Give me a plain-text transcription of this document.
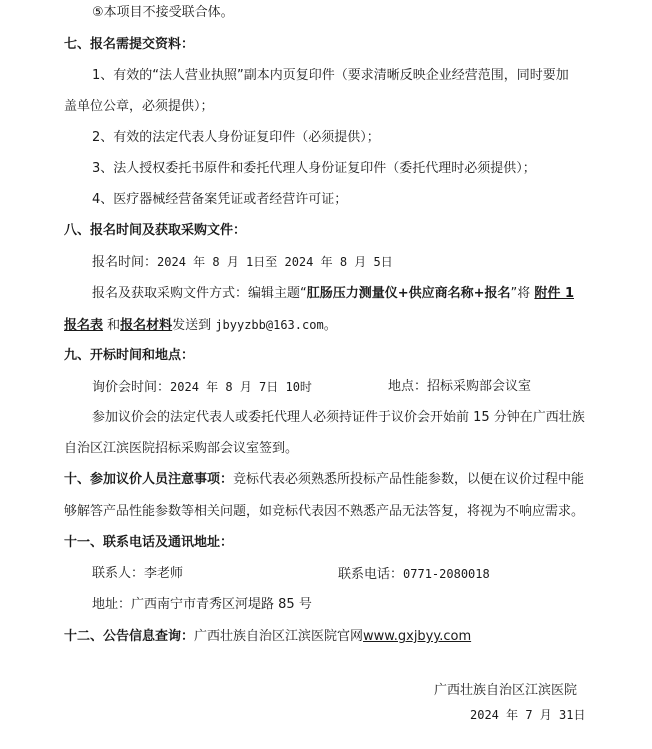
⑤本项目不接受联合体。
七、报名需提交资料：
1、有效的“法人营业执照”副本内页复印件（要求清晰反映企业经营范围，同时要加
盖单位公章，必须提供）；
2、有效的法定代表人身份证复印件（必须提供）；
3、法人授权委托书原件和委托代理人身份证复印件（委托代理时必须提供）；
4、医疗器械经营备案凭证或者经营许可证；
八、报名时间及获取采购文件：
报名时间：2024 年 8 月 1日至 2024 年 8 月 5日
报名及获取采购文件方式：编辑主题“肛肠压力测量仪+供应商名称+报名”将 附件 1
报名表 和报名材料发送到 jbyyzbb@163.com。
九、开标时间和地点：
询价会时间：2024 年 8 月 7日 10时	地点：招标采购部会议室
参加议价会的法定代表人或委托代理人必须持证件于议价会开始前 15 分钟在广西壮族
自治区江滨医院招标采购部会议室签到。
十、参加议价人员注意事项：竞标代表必须熟悉所投标产品性能参数，以便在议价过程中能
够解答产品性能参数等相关问题，如竞标代表因不熟悉产品无法答复，将视为不响应需求。
十一、联系电话及通讯地址：
联系人：李老师	联系电话：0771-2080018
地址：广西南宁市青秀区河堤路 85 号
十二、公告信息查询：广西壮族自治区江滨医院官网www.gxjbyy.com
广西壮族自治区江滨医院
2024 年 7 月 31日
